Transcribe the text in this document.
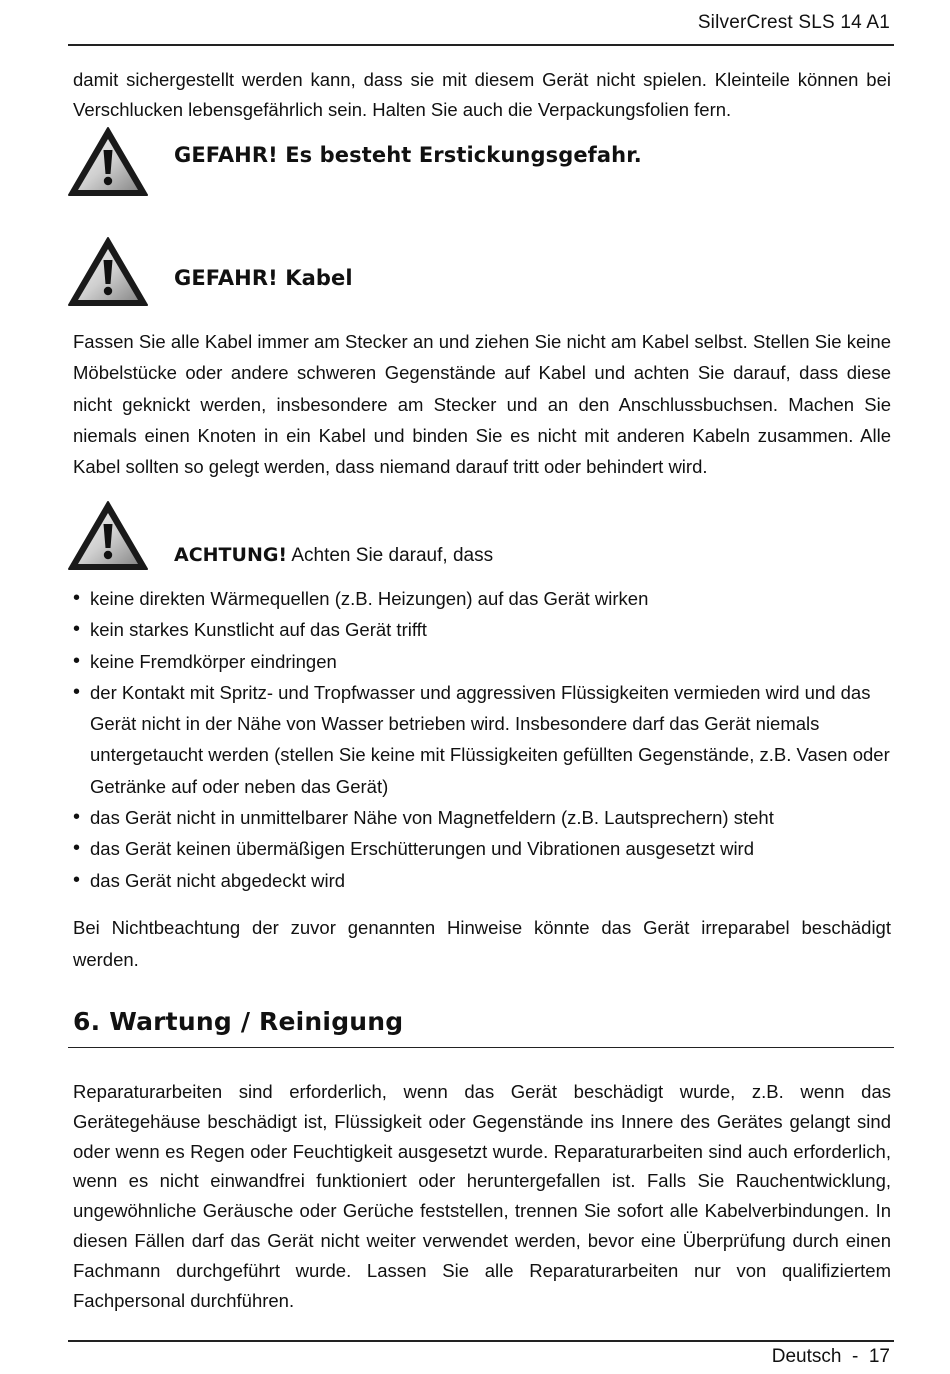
SilverCrest SLS 14 A1
damit sichergestellt werden kann, dass sie mit diesem Gerät nicht spielen. Kleinteile können bei Verschlucken lebensgefährlich sein. Halten Sie auch die Verpackungsfolien fern.
GEFAHR! Es besteht Erstickungsgefahr.
GEFAHR! Kabel
Fassen Sie alle Kabel immer am Stecker an und ziehen Sie nicht am Kabel selbst. Stellen Sie keine Möbelstücke oder andere schweren Gegenstände auf Kabel und achten Sie darauf, dass diese nicht geknickt werden, insbesondere am Stecker und an den Anschlussbuchsen. Machen Sie niemals einen Knoten in ein Kabel und binden Sie es nicht mit anderen Kabeln zusammen. Alle Kabel sollten so gelegt werden, dass niemand darauf tritt oder behindert wird.
ACHTUNG! Achten Sie darauf, dass
• keine direkten Wärmequellen (z.B. Heizungen) auf das Gerät wirken
• kein starkes Kunstlicht auf das Gerät trifft
• keine Fremdkörper eindringen
• der Kontakt mit Spritz- und Tropfwasser und aggressiven Flüssigkeiten vermieden wird und das Gerät nicht in der Nähe von Wasser betrieben wird. Insbesondere darf das Gerät niemals untergetaucht werden (stellen Sie keine mit Flüssigkeiten gefüllten Gegenstände, z.B. Vasen oder Getränke auf oder neben das Gerät)
• das Gerät nicht in unmittelbarer Nähe von Magnetfeldern (z.B. Lautsprechern) steht
• das Gerät keinen übermäßigen Erschütterungen und Vibrationen ausgesetzt wird
• das Gerät nicht abgedeckt wird
Bei Nichtbeachtung der zuvor genannten Hinweise könnte das Gerät irreparabel beschädigt werden.
6. Wartung / Reinigung
Reparaturarbeiten sind erforderlich, wenn das Gerät beschädigt wurde, z.B. wenn das Gerätegehäuse beschädigt ist, Flüssigkeit oder Gegenstände ins Innere des Gerätes gelangt sind oder wenn es Regen oder Feuchtigkeit ausgesetzt wurde. Reparaturarbeiten sind auch erforderlich, wenn es nicht einwandfrei funktioniert oder heruntergefallen ist. Falls Sie Rauchentwicklung, ungewöhnliche Geräusche oder Gerüche feststellen, trennen Sie sofort alle Kabelverbindungen. In diesen Fällen darf das Gerät nicht weiter verwendet werden, bevor eine Überprüfung durch einen Fachmann durchgeführt wurde. Lassen Sie alle Reparaturarbeiten nur von qualifiziertem Fachpersonal durchführen.
Deutsch  -  17
